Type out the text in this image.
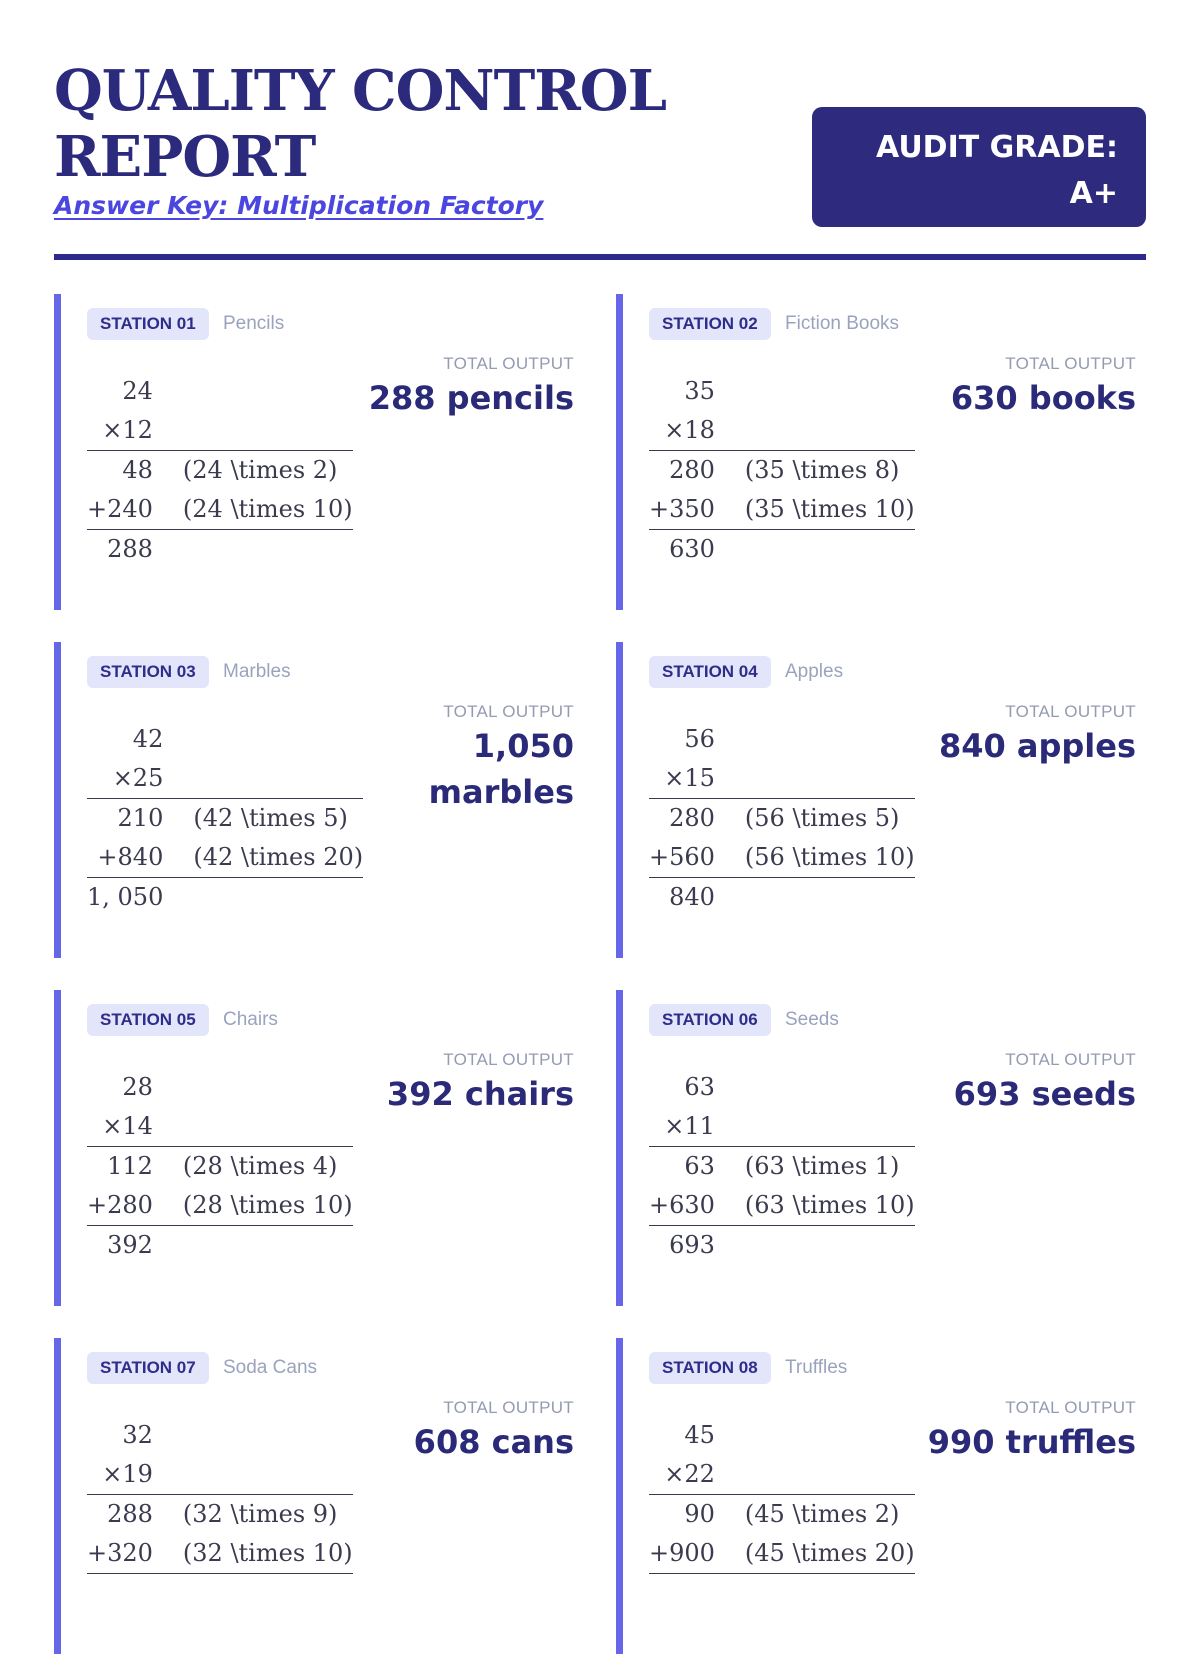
QUALITY CONTROL
REPORT
Answer Key: Multiplication Factory
AUDIT GRADE:
A+
STATION 01	Pencils
TOTAL OUTPUT
288 pencils
24	
×12	
48	(24 \times 2)
+240	(24 \times 10)
288	
STATION 02	Fiction Books
TOTAL OUTPUT
630 books
35	
×18	
280	(35 \times 8)
+350	(35 \times 10)
630	
STATION 03	Marbles
TOTAL OUTPUT
1,050 marbles
42	
×25	
210	(42 \times 5)
+840	(42 \times 20)
1, 050	
STATION 04	Apples
TOTAL OUTPUT
840 apples
56	
×15	
280	(56 \times 5)
+560	(56 \times 10)
840	
STATION 05	Chairs
TOTAL OUTPUT
392 chairs
28	
×14	
112	(28 \times 4)
+280	(28 \times 10)
392	
STATION 06	Seeds
TOTAL OUTPUT
693 seeds
63	
×11	
63	(63 \times 1)
+630	(63 \times 10)
693	
STATION 07	Soda Cans
TOTAL OUTPUT
608 cans
32	
×19	
288	(32 \times 9)
+320	(32 \times 10)

STATION 08	Truffles
TOTAL OUTPUT
990 truffles
45	
×22	
90	(45 \times 2)
+900	(45 \times 20)
